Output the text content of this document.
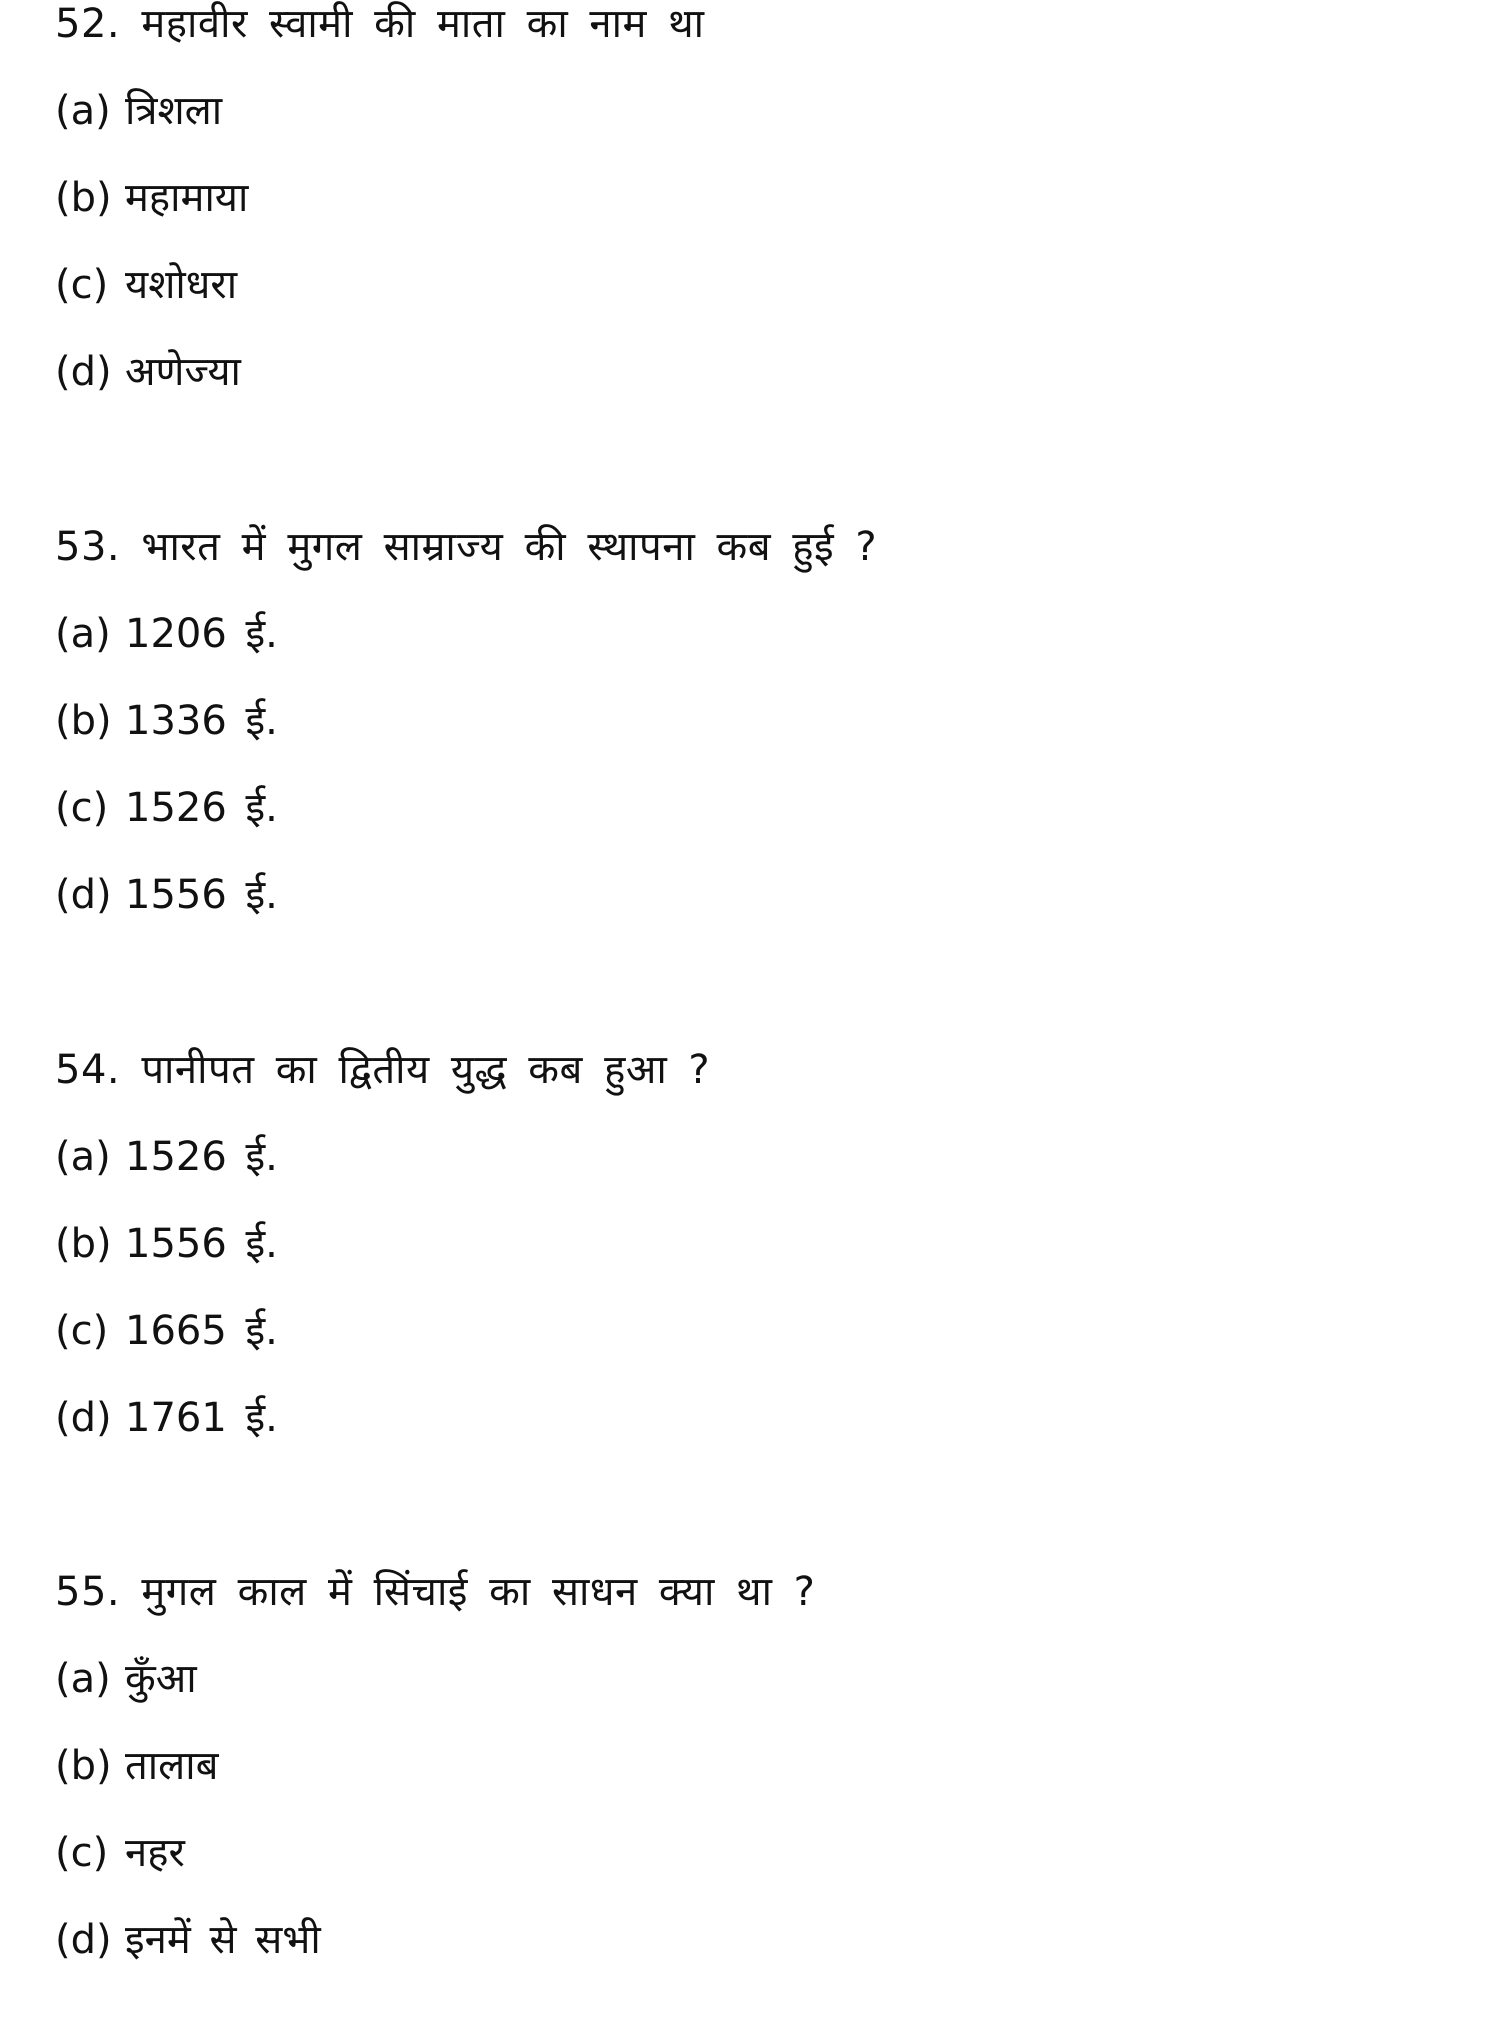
52. महावीर स्वामी की माता का नाम था
(a) त्रिशला
(b) महामाया
(c) यशोधरा
(d) अणेज्या
53. भारत में मुगल साम्राज्य की स्थापना कब हुई ?
(a) 1206 ई.
(b) 1336 ई.
(c) 1526 ई.
(d) 1556 ई.
54. पानीपत का द्वितीय युद्ध कब हुआ ?
(a) 1526 ई.
(b) 1556 ई.
(c) 1665 ई.
(d) 1761 ई.
55. मुगल काल में सिंचाई का साधन क्या था ?
(a) कुँआ
(b) तालाब
(c) नहर
(d) इनमें से सभी
